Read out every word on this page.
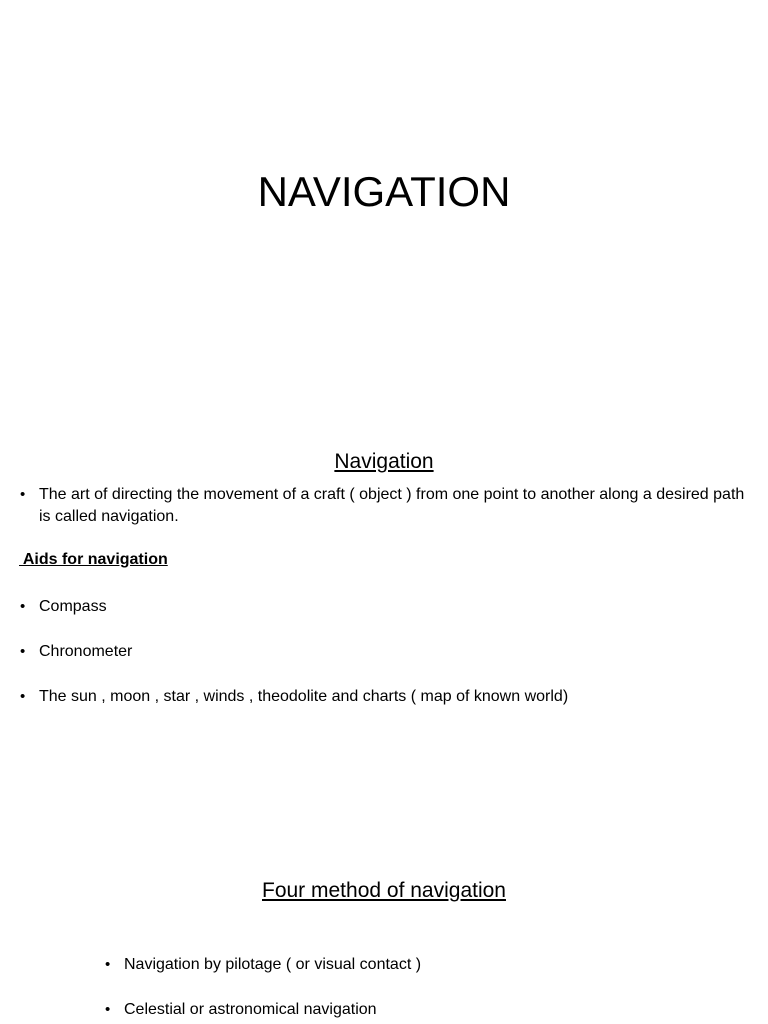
NAVIGATION
Navigation

• The art of directing the movement of a craft ( object ) from one point to another along a desired path is called navigation.

Aids for navigation

• Compass

• Chronometer

• The sun , moon , star , winds , theodolite and charts ( map of known world)

Four method of navigation

• Navigation by pilotage ( or visual contact )

• Celestial or astronomical navigation
